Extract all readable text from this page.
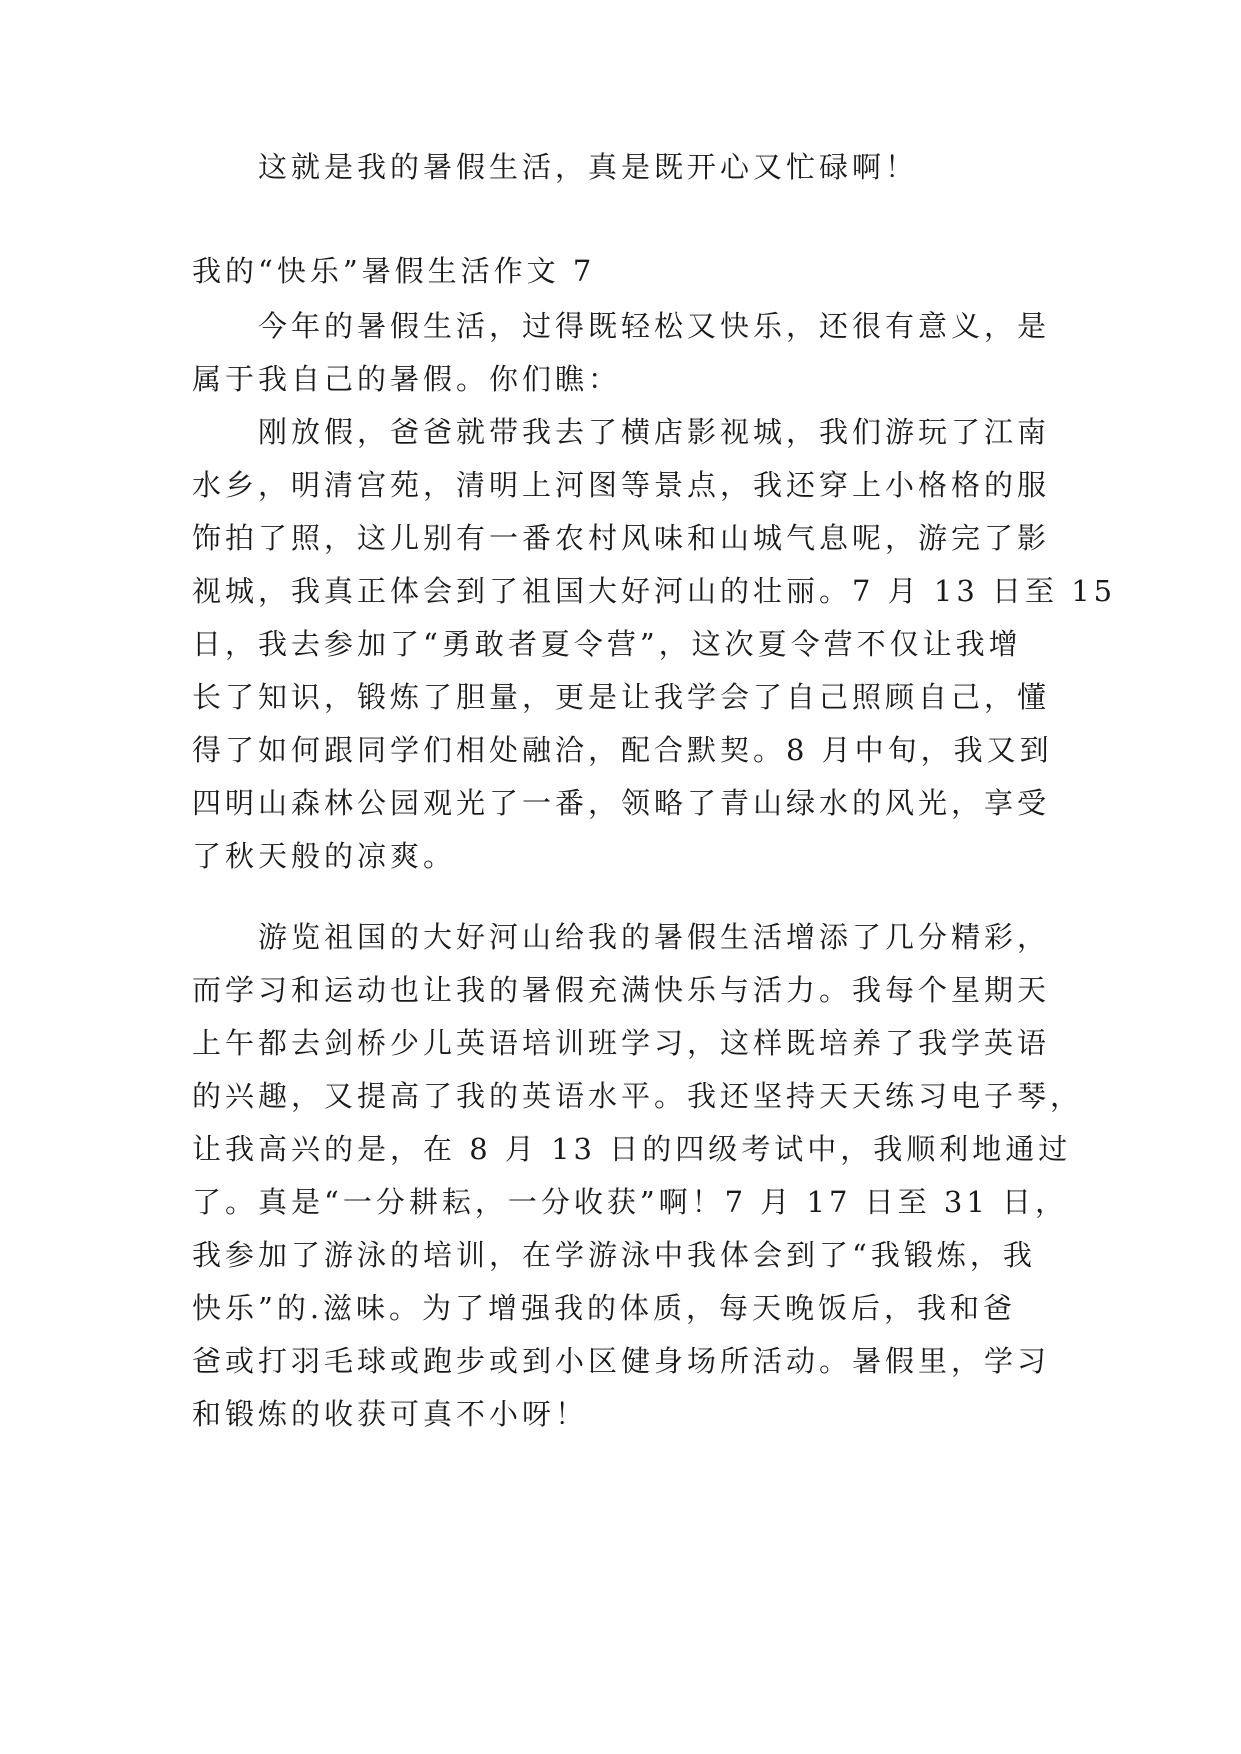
这就是我的暑假生活，真是既开心又忙碌啊！
我的“快乐”暑假生活作文 7
今年的暑假生活，过得既轻松又快乐，还很有意义，是
属于我自己的暑假。你们瞧：
刚放假，爸爸就带我去了横店影视城，我们游玩了江南
水乡，明清宫苑，清明上河图等景点，我还穿上小格格的服
饰拍了照，这儿别有一番农村风味和山城气息呢，游完了影
视城，我真正体会到了祖国大好河山的壮丽。7 月 13 日至 15
日，我去参加了“勇敢者夏令营”，这次夏令营不仅让我增
长了知识，锻炼了胆量，更是让我学会了自己照顾自己，懂
得了如何跟同学们相处融洽，配合默契。8 月中旬，我又到
四明山森林公园观光了一番，领略了青山绿水的风光，享受
了秋天般的凉爽。
游览祖国的大好河山给我的暑假生活增添了几分精彩，
而学习和运动也让我的暑假充满快乐与活力。我每个星期天
上午都去剑桥少儿英语培训班学习，这样既培养了我学英语
的兴趣，又提高了我的英语水平。我还坚持天天练习电子琴，
让我高兴的是，在 8 月 13 日的四级考试中，我顺利地通过
了。真是“一分耕耘，一分收获”啊！7 月 17 日至 31 日，
我参加了游泳的培训，在学游泳中我体会到了“我锻炼，我
快乐”的.滋味。为了增强我的体质，每天晚饭后，我和爸
爸或打羽毛球或跑步或到小区健身场所活动。暑假里，学习
和锻炼的收获可真不小呀！
